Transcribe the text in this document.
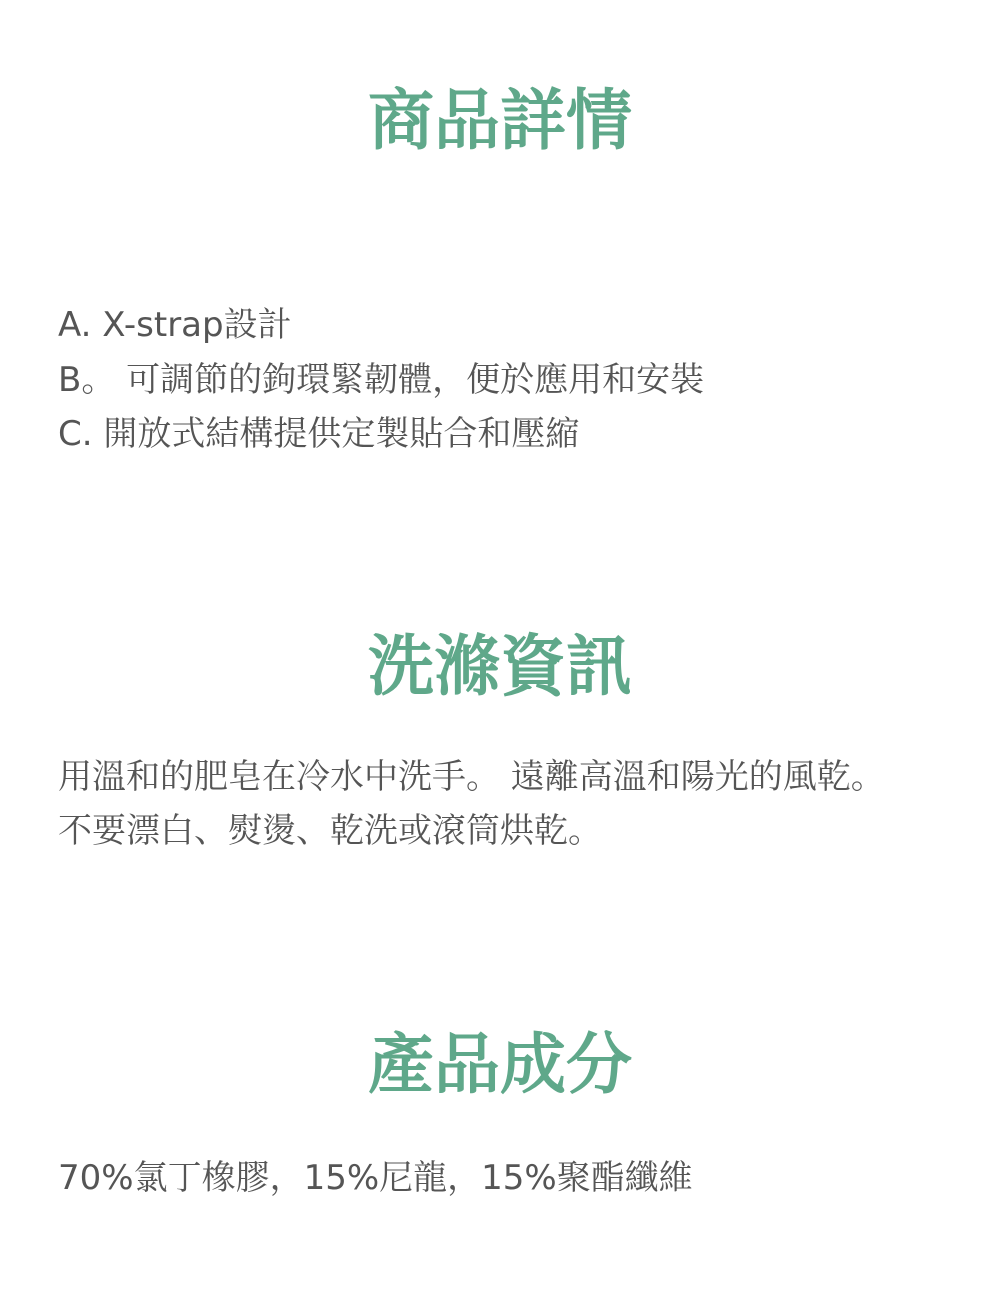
商品詳情

A. X-strap設計

B。 可調節的鉤環緊韌體，便於應用和安裝

C. 開放式結構提供定製貼合和壓縮

洗滌資訊

用溫和的肥皂在冷水中洗手。 遠離高溫和陽光的風乾。

不要漂白、熨燙、乾洗或滾筒烘乾。

產品成分

70%氯丁橡膠，15%尼龍，15%聚酯纖維
